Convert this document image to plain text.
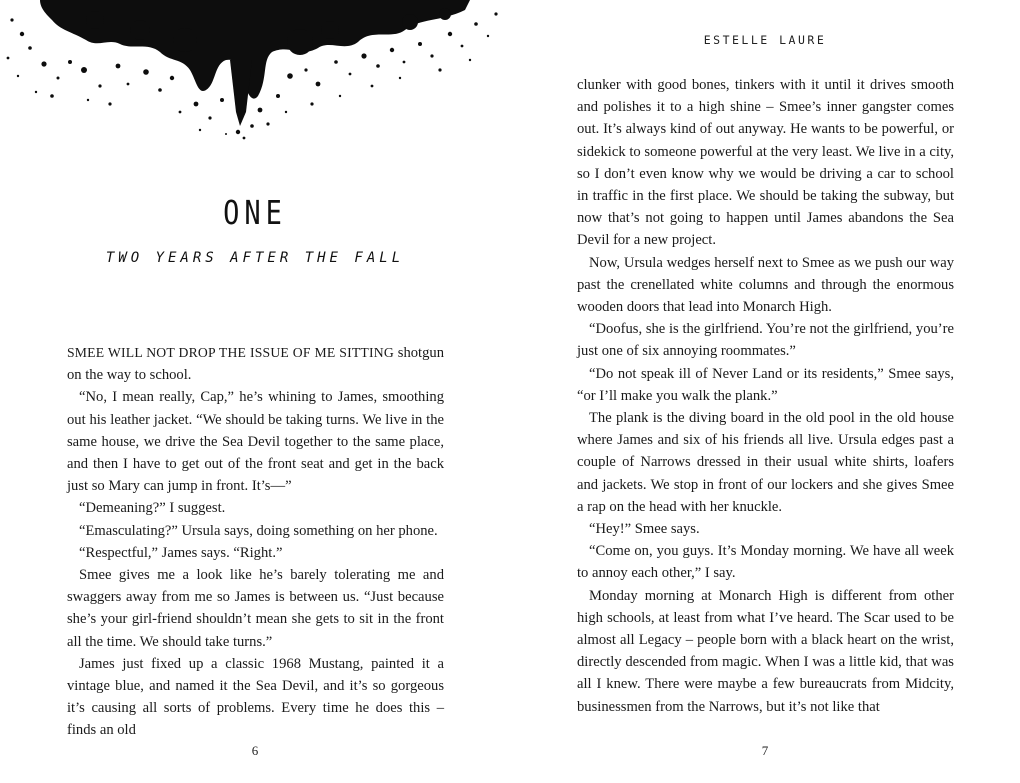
ONE
TWO YEARS AFTER THE FALL

SMEE WILL NOT DROP THE ISSUE OF ME SITTING shotgun on the way to school.

“No, I mean really, Cap,” he’s whining to James, smoothing out his leather jacket. “We should be taking turns. We live in the same house, we drive the Sea Devil together to the same place, and then I have to get out of the front seat and get in the back just so Mary can jump in front. It’s—”

“Demeaning?” I suggest.

“Emasculating?” Ursula says, doing something on her phone.

“Respectful,” James says. “Right.”

Smee gives me a look like he’s barely tolerating me and swaggers away from me so James is between us. “Just because she’s your girl-friend shouldn’t mean she gets to sit in the front all the time. We should take turns.”

James just fixed up a classic 1968 Mustang, painted it a vintage blue, and named it the Sea Devil, and it’s so gorgeous it’s causing all sorts of problems. Every time he does this – finds an old

6
ESTELLE LAURE

clunker with good bones, tinkers with it until it drives smooth and polishes it to a high shine – Smee’s inner gangster comes out. It’s always kind of out anyway. He wants to be powerful, or sidekick to someone powerful at the very least. We live in a city, so I don’t even know why we would be driving a car to school in traffic in the first place. We should be taking the subway, but now that’s not going to happen until James abandons the Sea Devil for a new project.

Now, Ursula wedges herself next to Smee as we push our way past the crenellated white columns and through the enormous wooden doors that lead into Monarch High.

“Doofus, she is the girlfriend. You’re not the girlfriend, you’re just one of six annoying roommates.”

“Do not speak ill of Never Land or its residents,” Smee says, “or I’ll make you walk the plank.”

The plank is the diving board in the old pool in the old house where James and six of his friends all live. Ursula edges past a couple of Narrows dressed in their usual white shirts, loafers and jackets. We stop in front of our lockers and she gives Smee a rap on the head with her knuckle.

“Hey!” Smee says.

“Come on, you guys. It’s Monday morning. We have all week to annoy each other,” I say.

Monday morning at Monarch High is different from other high schools, at least from what I’ve heard. The Scar used to be almost all Legacy – people born with a black heart on the wrist, directly descended from magic. When I was a little kid, that was all I knew. There were maybe a few bureaucrats from Midcity, businessmen from the Narrows, but it’s not like that

7
